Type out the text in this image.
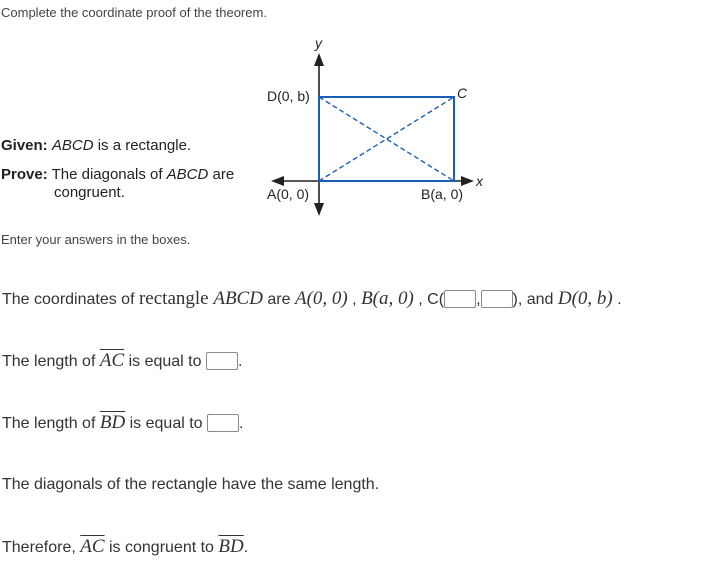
Complete the coordinate proof of the theorem.
Given: ABCD is a rectangle.
Prove: The diagonals of ABCD are
congruent.
y
x
D(0, b)	C
A(0, 0)	B(a, 0)
Enter your answers in the boxes.
The coordinates of rectangle ABCD are A(0, 0) , B(a, 0) , C( , ), and D(0, b) .
The length of $\overline{AC}$ is equal to .
The length of $\overline{BD}$ is equal to .
The diagonals of the rectangle have the same length.
Therefore, $\overline{AC}$ is congruent to $\overline{BD}$.
